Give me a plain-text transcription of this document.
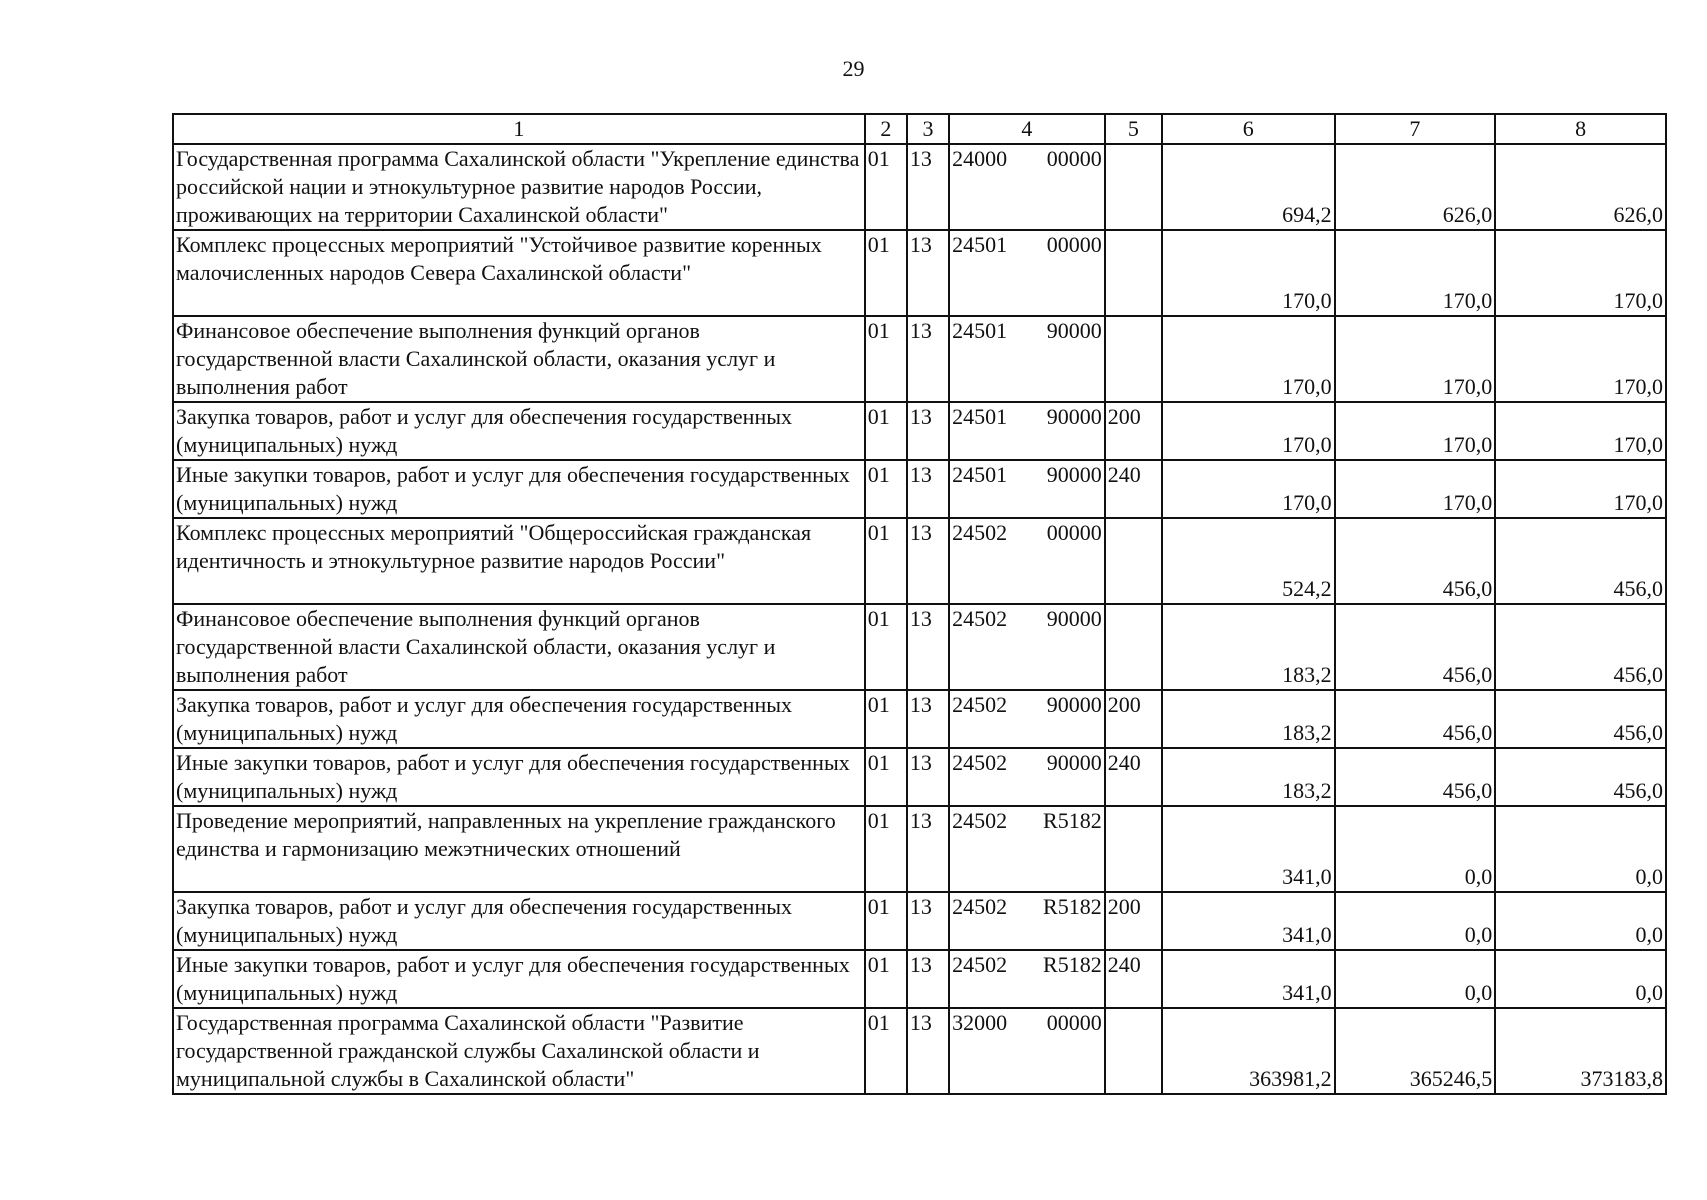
29
1	2	3	4	5	6	7	8
Государственная программа Сахалинской области "Укрепление единства российской нации и этнокультурное развитие народов России, проживающих на территории Сахалинской области"	01	13	24000 00000		694,2	626,0	626,0
Комплекс процессных мероприятий "Устойчивое развитие коренных малочисленных народов Севера Сахалинской области"	01	13	24501 00000		170,0	170,0	170,0
Финансовое обеспечение выполнения функций органов государственной власти Сахалинской области, оказания услуг и выполнения работ	01	13	24501 90000		170,0	170,0	170,0
Закупка товаров, работ и услуг для обеспечения государственных (муниципальных) нужд	01	13	24501 90000	200	170,0	170,0	170,0
Иные закупки товаров, работ и услуг для обеспечения государственных (муниципальных) нужд	01	13	24501 90000	240	170,0	170,0	170,0
Комплекс процессных мероприятий "Общероссийская гражданская идентичность и этнокультурное развитие народов России"	01	13	24502 00000		524,2	456,0	456,0
Финансовое обеспечение выполнения функций органов государственной власти Сахалинской области, оказания услуг и выполнения работ	01	13	24502 90000		183,2	456,0	456,0
Закупка товаров, работ и услуг для обеспечения государственных (муниципальных) нужд	01	13	24502 90000	200	183,2	456,0	456,0
Иные закупки товаров, работ и услуг для обеспечения государственных (муниципальных) нужд	01	13	24502 90000	240	183,2	456,0	456,0
Проведение мероприятий, направленных на укрепление гражданского единства и гармонизацию межэтнических отношений	01	13	24502 R5182		341,0	0,0	0,0
Закупка товаров, работ и услуг для обеспечения государственных (муниципальных) нужд	01	13	24502 R5182	200	341,0	0,0	0,0
Иные закупки товаров, работ и услуг для обеспечения государственных (муниципальных) нужд	01	13	24502 R5182	240	341,0	0,0	0,0
Государственная программа Сахалинской области "Развитие государственной гражданской службы Сахалинской области и муниципальной службы в Сахалинской области"	01	13	32000 00000		363981,2	365246,5	373183,8
